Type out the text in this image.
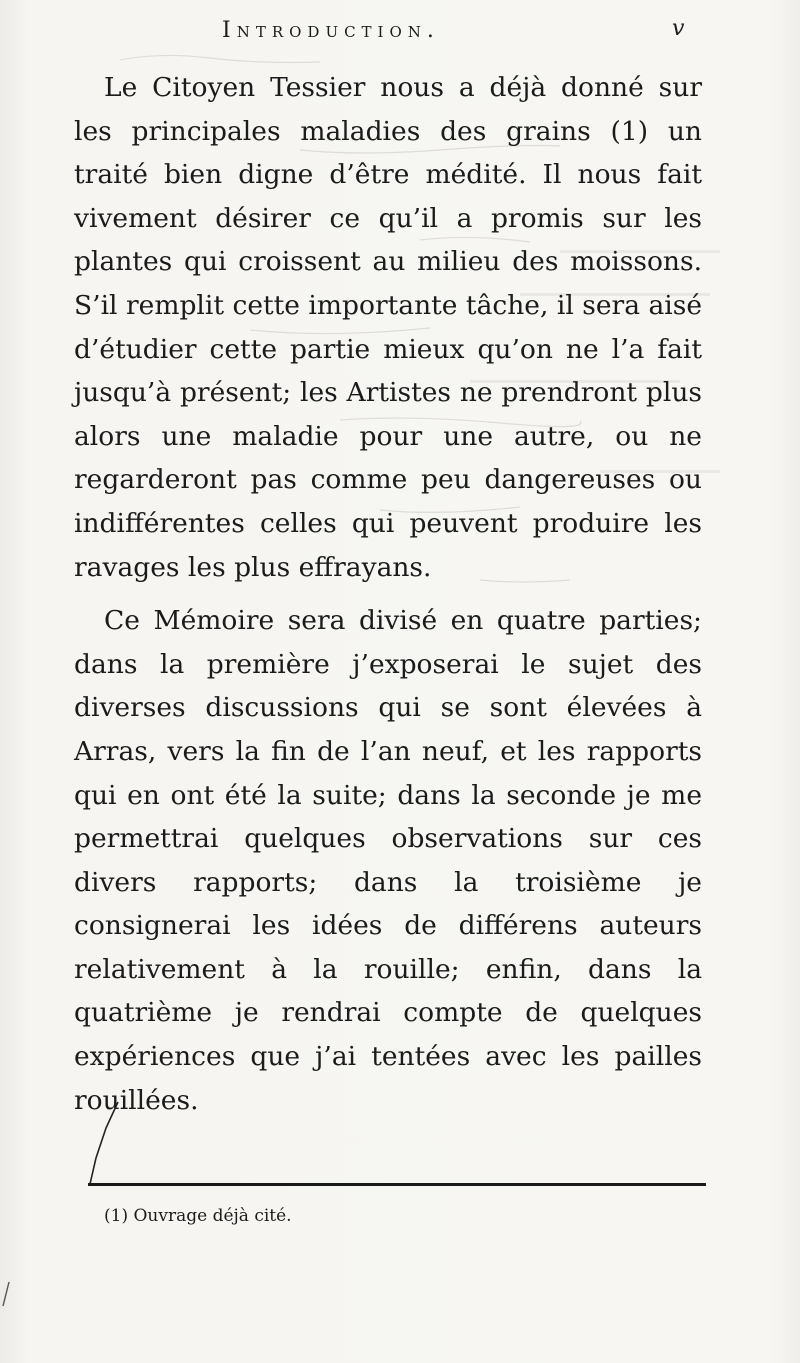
Introduction.	v

Le Citoyen Tessier nous a déjà donné sur les principales maladies des grains (1) un traité bien digne d’être médité. Il nous fait vivement désirer ce qu’il a promis sur les plantes qui croissent au milieu des moissons. S’il remplit cette importante tâche, il sera aisé d’étudier cette partie mieux qu’on ne l’a fait jusqu’à présent; les Artistes ne prendront plus alors une maladie pour une autre, ou ne regarderont pas comme peu dangereuses ou indifférentes celles qui peuvent produire les ravages les plus effrayans.

Ce Mémoire sera divisé en quatre parties; dans la première j’exposerai le sujet des diverses discussions qui se sont élevées à Arras, vers la fin de l’an neuf, et les rapports qui en ont été la suite; dans la seconde je me permettrai quelques observations sur ces divers rapports; dans la troisième je consignerai les idées de différens auteurs relativement à la rouille; enfin, dans la quatrième je rendrai compte de quelques expériences que j’ai tentées avec les pailles rouillées.

(1) Ouvrage déjà cité.
